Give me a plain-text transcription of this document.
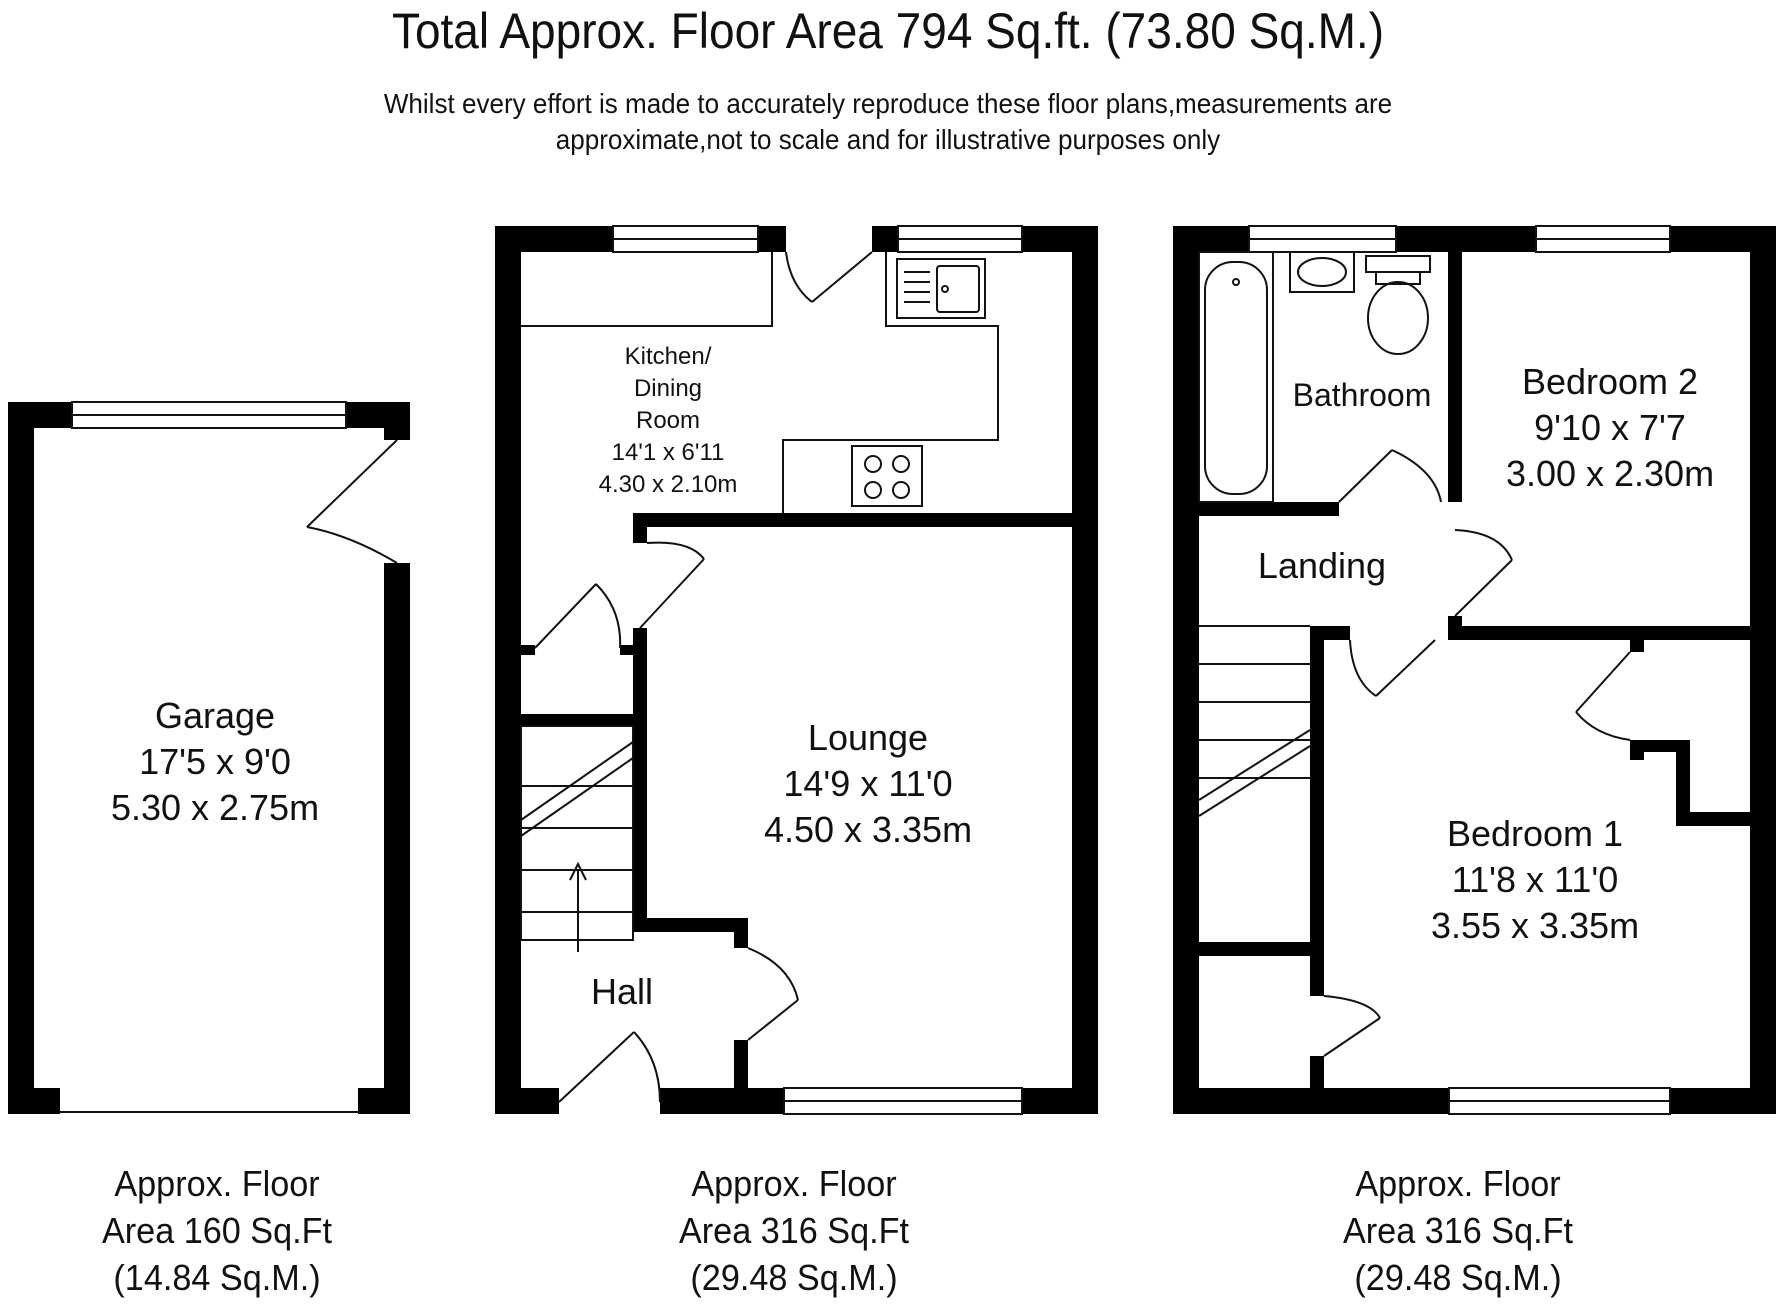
Total Approx. Floor Area 794 Sq.ft. (73.80 Sq.M.)
Whilst every effort is made to accurately reproduce these floor plans,measurements are
approximate,not to scale and for illustrative purposes only
Garage
17'5 x 9'0
5.30 x 2.75m
Kitchen/
Dining
Room
14'1 x 6'11
4.30 x 2.10m
Lounge
14'9 x 11'0
4.50 x 3.35m
Hall
Bathroom	Bedroom 2
9'10 x 7'7
3.00 x 2.30m
Landing
Bedroom 1
11'8 x 11'0
3.55 x 3.35m
Approx. Floor
Area 160 Sq.Ft
(14.84 Sq.M.)
Approx. Floor
Area 316 Sq.Ft
(29.48 Sq.M.)
Approx. Floor
Area 316 Sq.Ft
(29.48 Sq.M.)
